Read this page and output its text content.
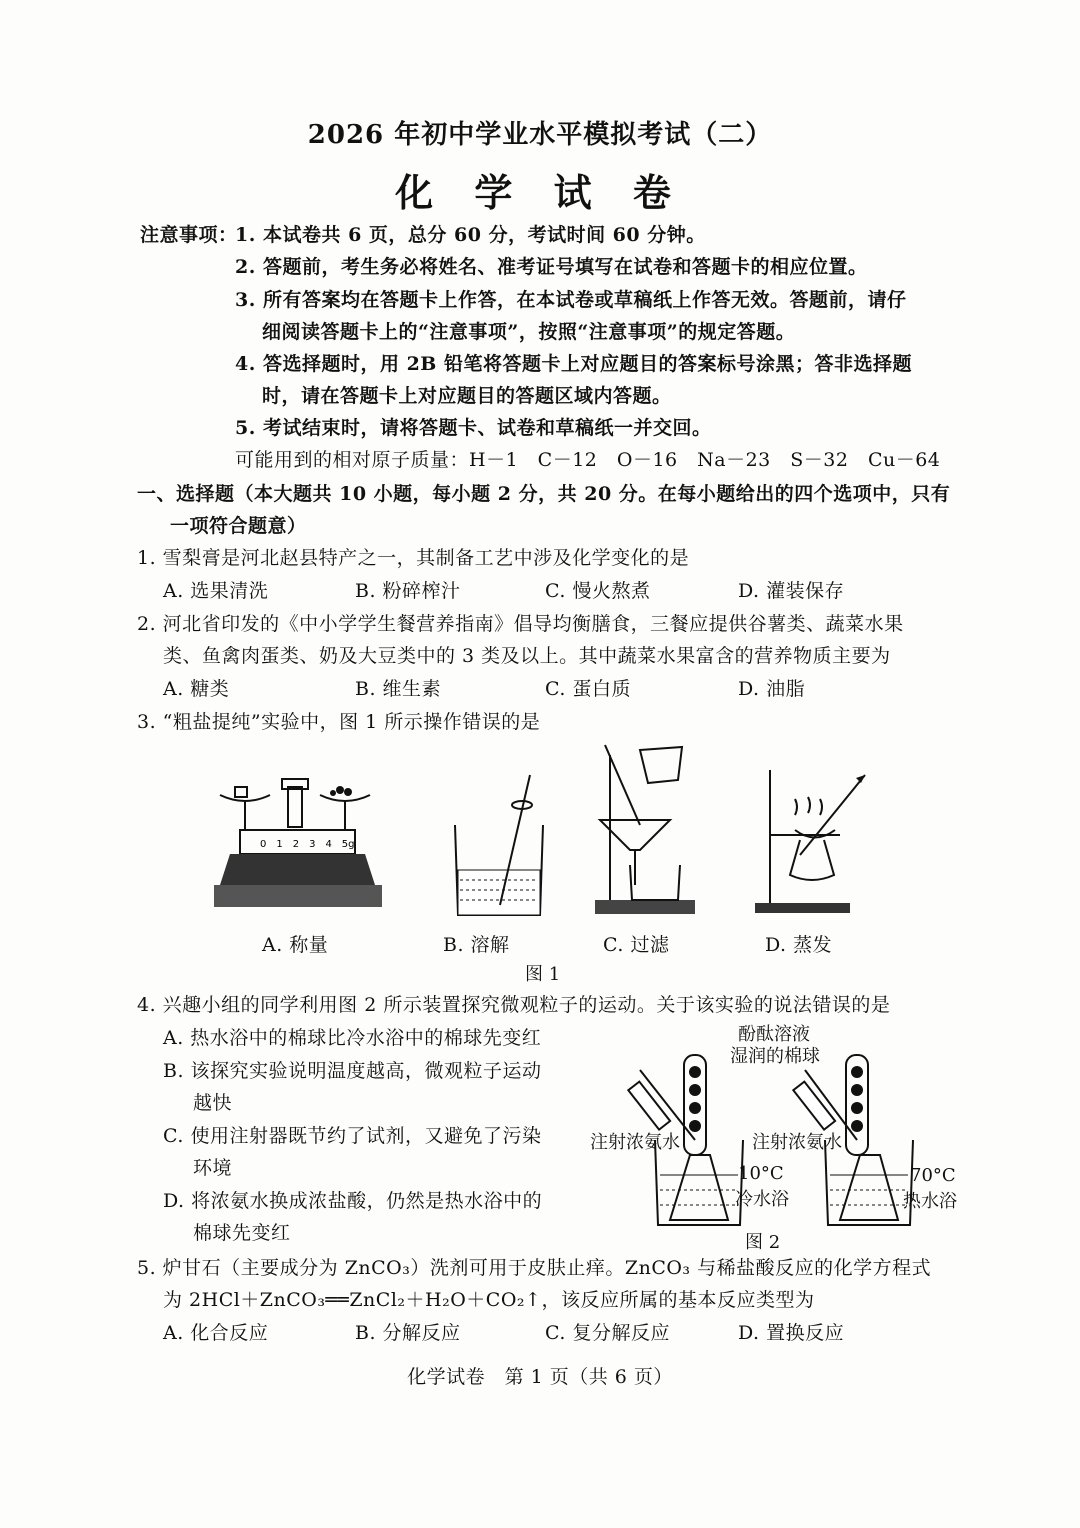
2026 年初中学业水平模拟考试（二）
化 学 试 卷
注意事项：
1. 本试卷共 6 页，总分 60 分，考试时间 60 分钟。
2. 答题前，考生务必将姓名、准考证号填写在试卷和答题卡的相应位置。
3. 所有答案均在答题卡上作答，在本试卷或草稿纸上作答无效。答题前，请仔
细阅读答题卡上的“注意事项”，按照“注意事项”的规定答题。
4. 答选择题时，用 2B 铅笔将答题卡上对应题目的答案标号涂黑；答非选择题
时，请在答题卡上对应题目的答题区域内答题。
5. 考试结束时，请将答题卡、试卷和草稿纸一并交回。
可能用到的相对原子质量：H－1　C－12　O－16　Na－23　S－32　Cu－64
一、选择题（本大题共 10 小题，每小题 2 分，共 20 分。在每小题给出的四个选项中，只有
一项符合题意）
1. 雪梨膏是河北赵县特产之一，其制备工艺中涉及化学变化的是
A. 选果清洗	B. 粉碎榨汁	C. 慢火熬煮	D. 灌装保存
2. 河北省印发的《中小学学生餐营养指南》倡导均衡膳食，三餐应提供谷薯类、蔬菜水果
类、鱼禽肉蛋类、奶及大豆类中的 3 类及以上。其中蔬菜水果富含的营养物质主要为
A. 糖类	B. 维生素	C. 蛋白质	D. 油脂
3. “粗盐提纯”实验中，图 1 所示操作错误的是
0　1　2　3　4　5g
A. 称量	B. 溶解	C. 过滤	D. 蒸发
图 1
4. 兴趣小组的同学利用图 2 所示装置探究微观粒子的运动。关于该实验的说法错误的是
A. 热水浴中的棉球比冷水浴中的棉球先变红
B. 该探究实验说明温度越高，微观粒子运动
越快
C. 使用注射器既节约了试剂，又避免了污染
环境
D. 将浓氨水换成浓盐酸，仍然是热水浴中的
棉球先变红
酚酞溶液
湿润的棉球
注射浓氨水	注射浓氨水
10°C
冷水浴
70°C
热水浴
图 2
5. 炉甘石（主要成分为 ZnCO₃）洗剂可用于皮肤止痒。ZnCO₃ 与稀盐酸反应的化学方程式
为 2HCl＋ZnCO₃══ZnCl₂＋H₂O＋CO₂↑，该反应所属的基本反应类型为
A. 化合反应	B. 分解反应	C. 复分解反应	D. 置换反应
化学试卷　第 1 页（共 6 页）
